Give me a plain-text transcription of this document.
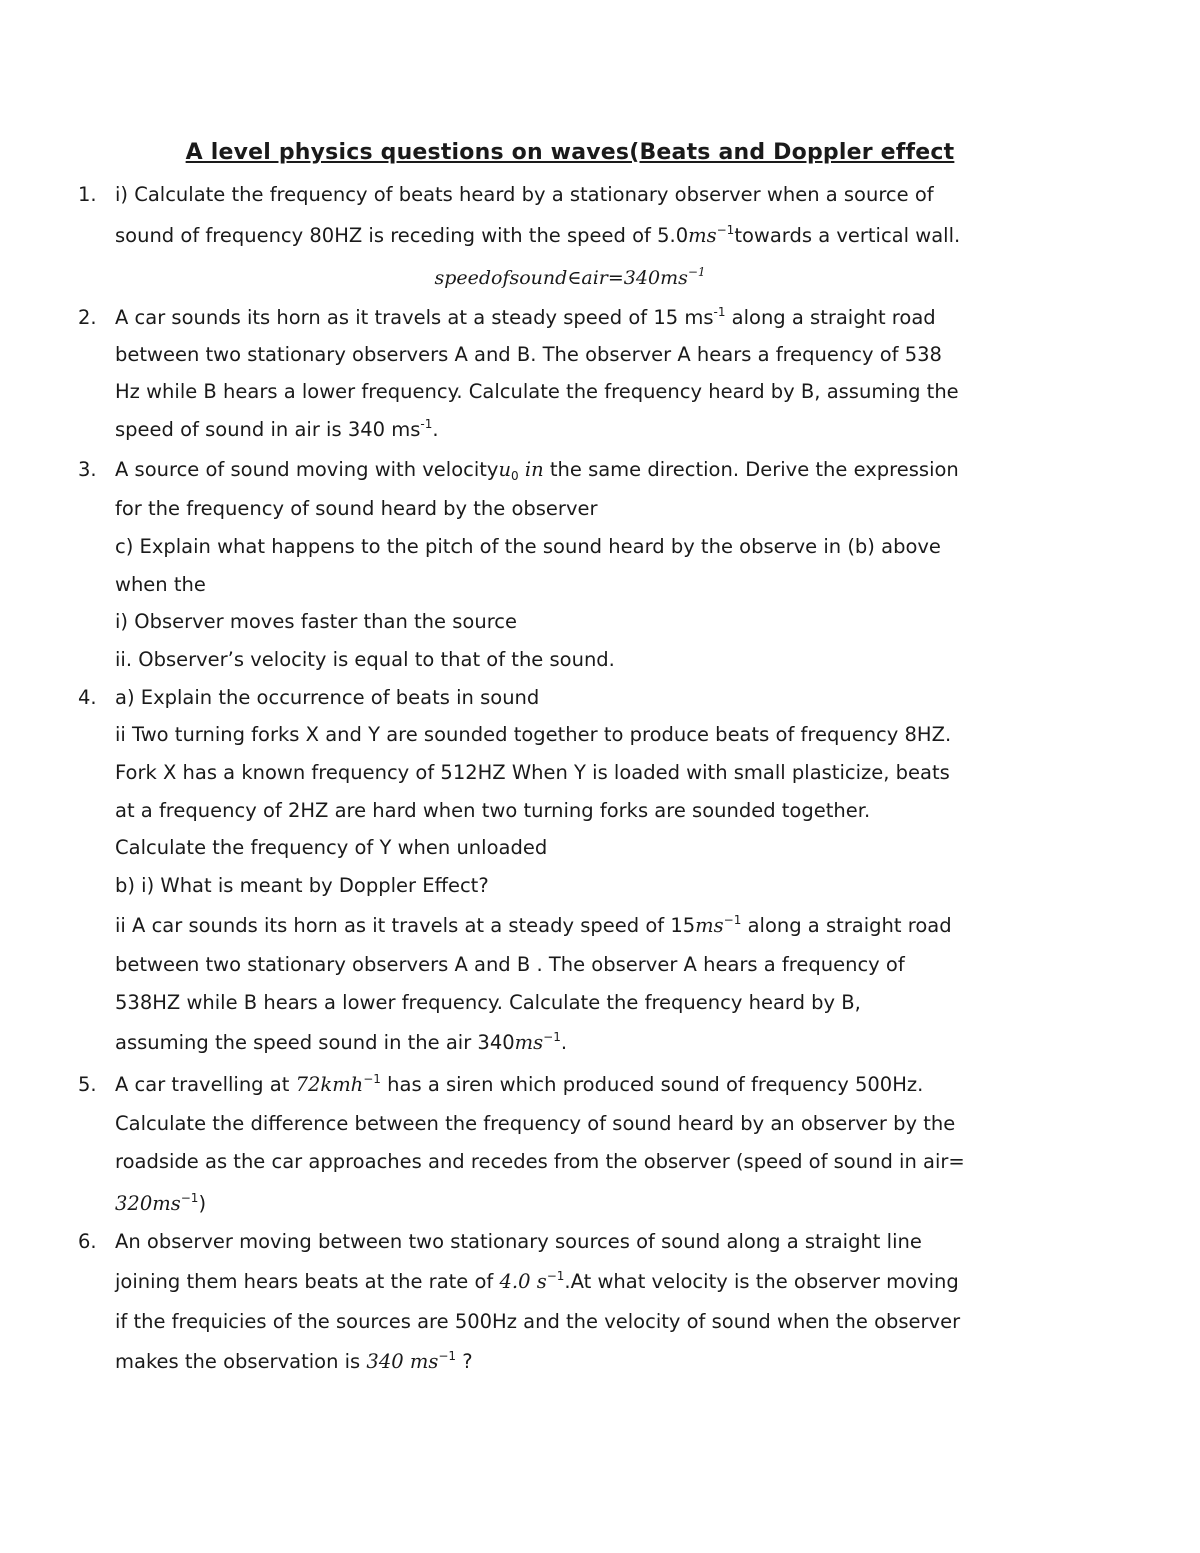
A level physics questions on waves(Beats and Doppler effect
1. i) Calculate the frequency of beats heard by a stationary observer when a source of
sound of frequency 80HZ is receding with the speed of $5.0ms^{-1}towards$ a vertical wall.
$speedofsound\in air=340ms^{-1}$
2. A car sounds its horn as it travels at a steady speed of 15 $ms^{-1}$ along a straight road
between two stationary observers A and B. The observer A hears a frequency of 538
Hz while B hears a lower frequency. Calculate the frequency heard by B, assuming the
speed of sound in air is 340 $ms^{-1}$.
3. A source of sound moving with velocityu$_0$ in the same direction. Derive the expression
for the frequency of sound heard by the observer
c) Explain what happens to the pitch of the sound heard by the observe in (b) above
when the
i) Observer moves faster than the source
ii. Observer’s velocity is equal to that of the sound.
4. a) Explain the occurrence of beats in sound
ii Two turning forks X and Y are sounded together to produce beats of frequency 8HZ.
Fork X has a known frequency of 512HZ When Y is loaded with small plasticize, beats
at a frequency of 2HZ are hard when two turning forks are sounded together.
Calculate the frequency of Y when unloaded
b) i) What is meant by Doppler Effect?
ii A car sounds its horn as it travels at a steady speed of $15ms^{-1}$ along a straight road
between two stationary observers A and B . The observer A hears a frequency of
538HZ while B hears a lower frequency. Calculate the frequency heard by B,
assuming the speed sound in the air $340ms^{-1}$.
5. A car travelling at 72kmh$^{-1}$ has a siren which produced sound of frequency 500Hz.
Calculate the difference between the frequency of sound heard by an observer by the
roadside as the car approaches and recedes from the observer (speed of sound in air=
$320ms^{-1}$)
6. An observer moving between two stationary sources of sound along a straight line
joining them hears beats at the rate of 4.0 $s^{-1}.At$ what velocity is the observer moving
if the frequicies of the sources are 500Hz and the velocity of sound when the observer
makes the observation is 340 $ms^{-1}$ ?
